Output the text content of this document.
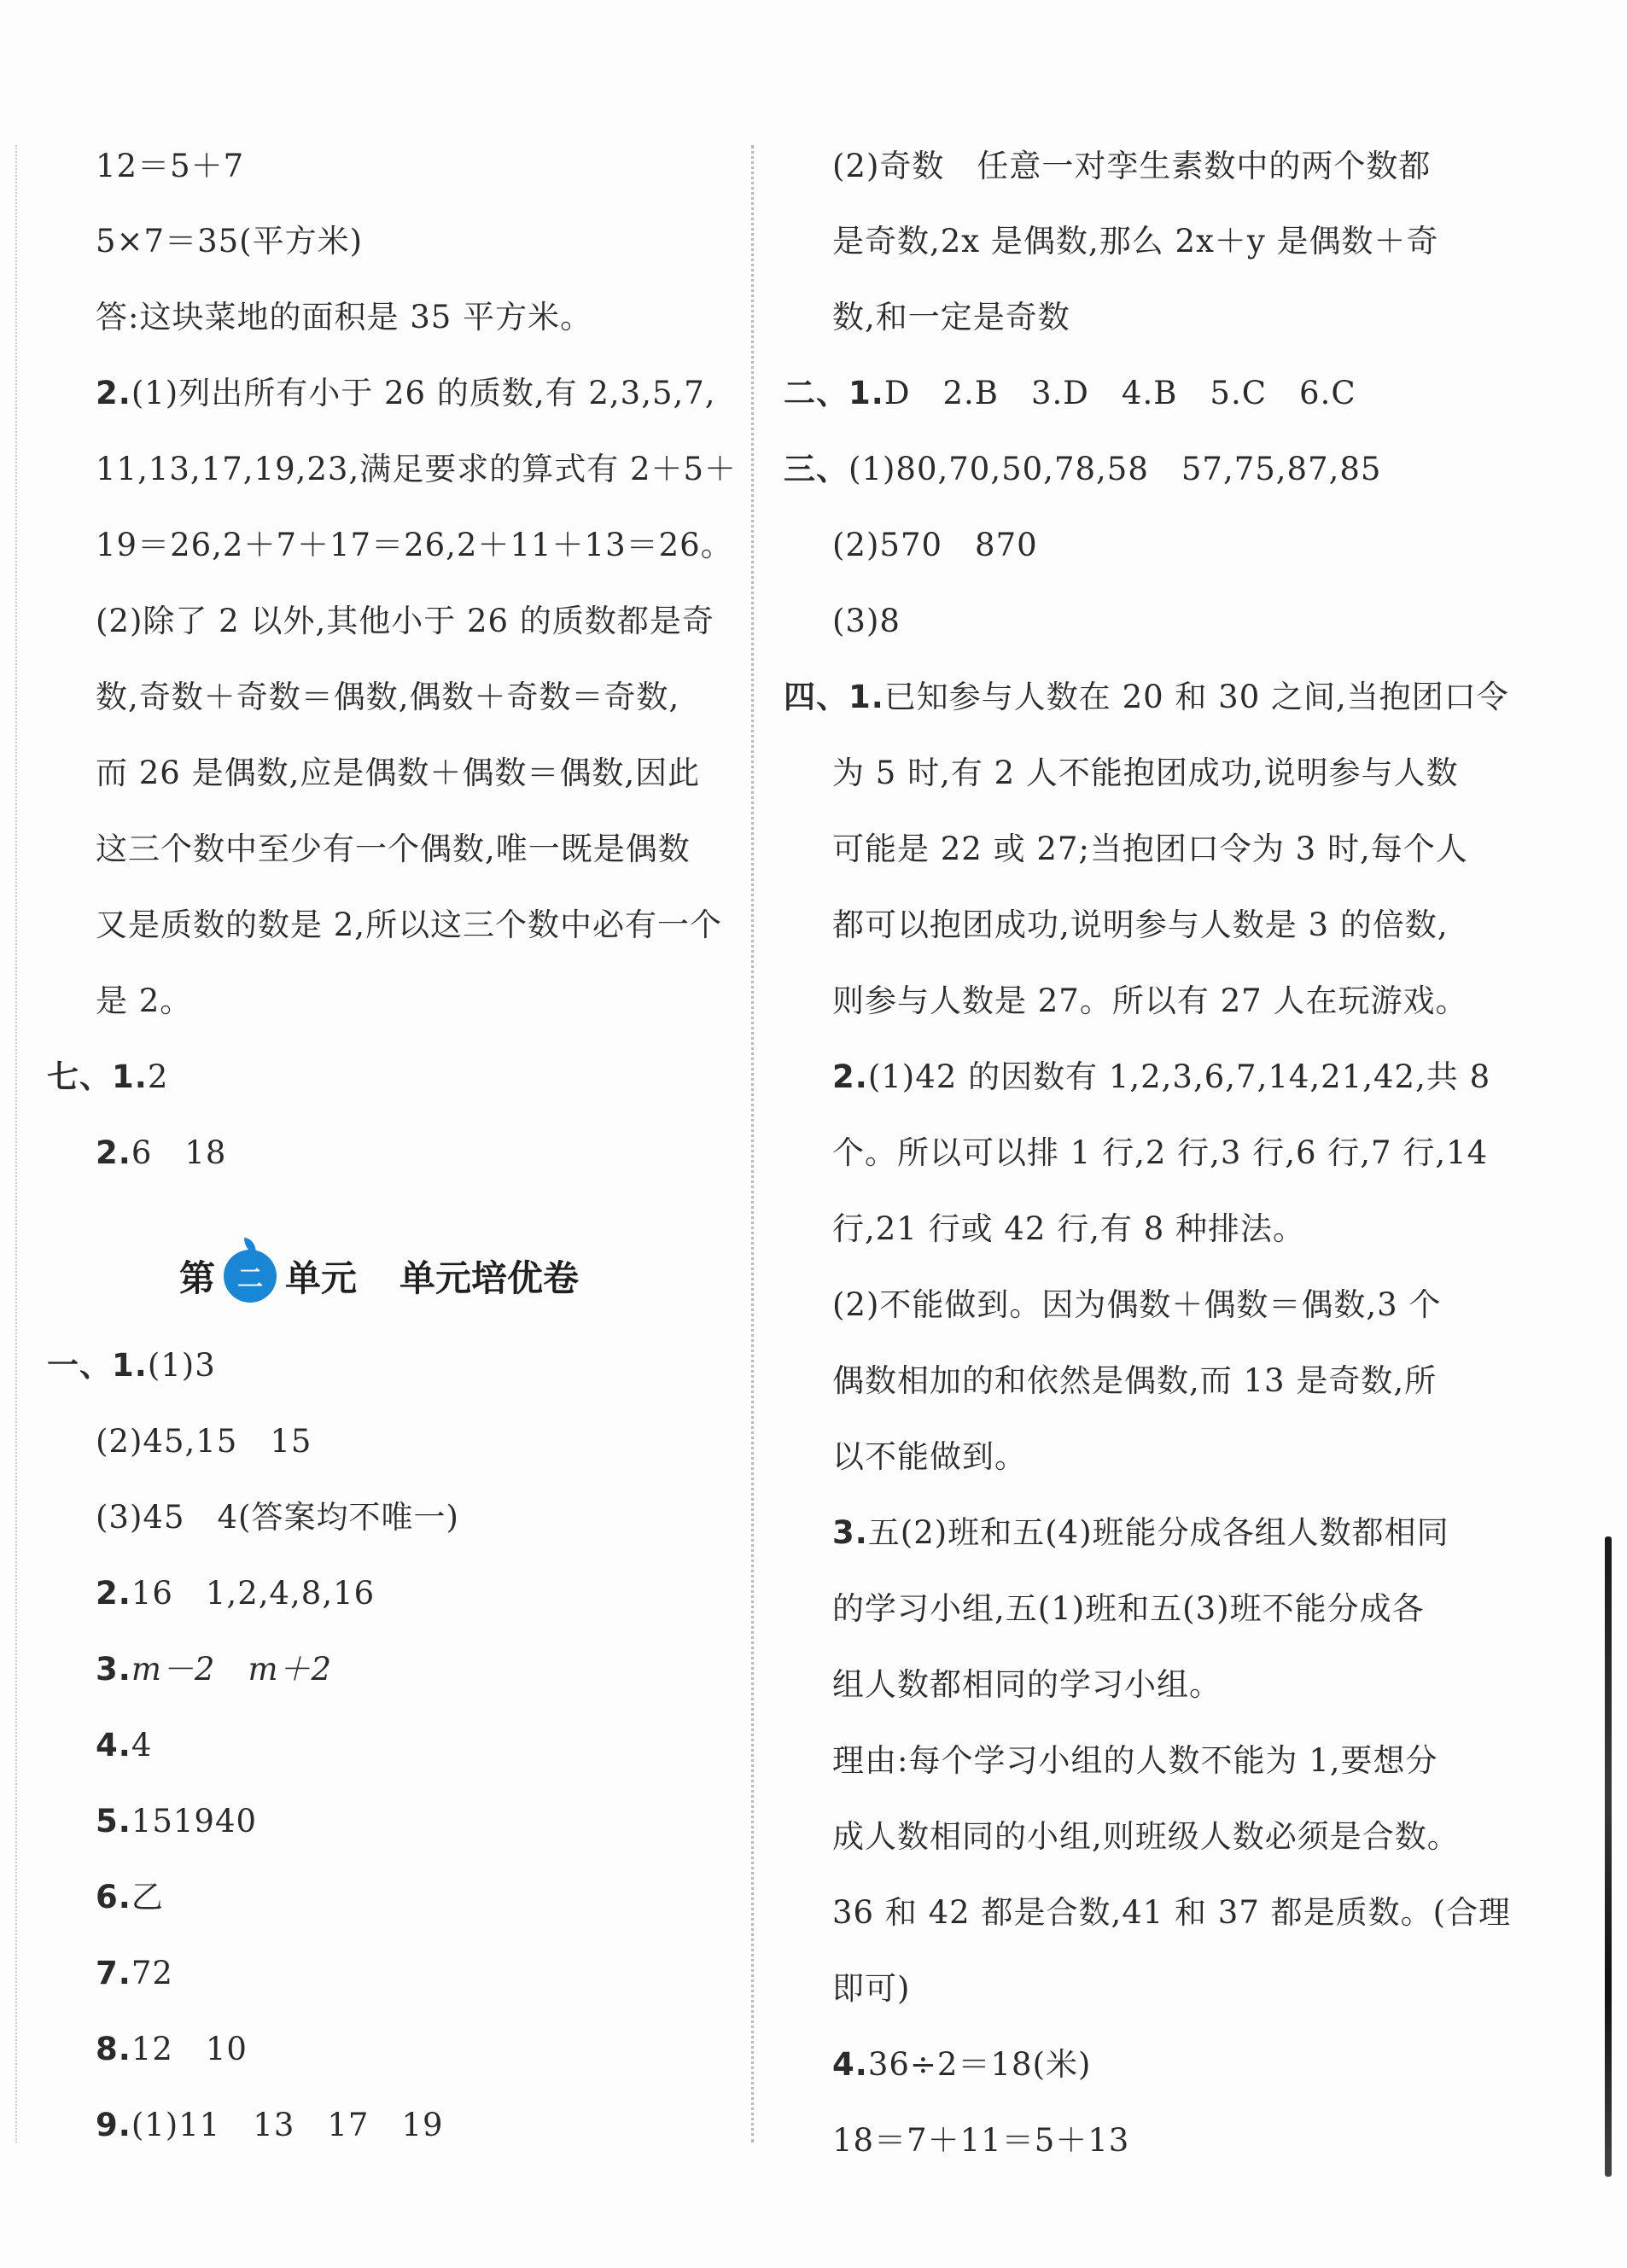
12＝5＋7
5×7＝35(平方米)
答:这块菜地的面积是 35 平方米。
2.(1)列出所有小于 26 的质数,有 2,3,5,7,
11,13,17,19,23,满足要求的算式有 2＋5＋
19＝26,2＋7＋17＝26,2＋11＋13＝26。
(2)除了 2 以外,其他小于 26 的质数都是奇
数,奇数＋奇数＝偶数,偶数＋奇数＝奇数,
而 26 是偶数,应是偶数＋偶数＝偶数,因此
这三个数中至少有一个偶数,唯一既是偶数
又是质数的数是 2,所以这三个数中必有一个
是 2。
七、1.2
2.6　18
第 二 单元 单元培优卷
一、1.(1)3
(2)45,15　15
(3)45　4(答案均不唯一)
2.16　1,2,4,8,16
3.m－2　m＋2
4.4
5.151940
6.乙
7.72
8.12　10
9.(1)11　13　17　19
(2)奇数　任意一对孪生素数中的两个数都
是奇数,2x 是偶数,那么 2x＋y 是偶数＋奇
数,和一定是奇数
二、1.D　2.B　3.D　4.B　5.C　6.C
三、(1)80,70,50,78,58　57,75,87,85
(2)570　870
(3)8
四、1.已知参与人数在 20 和 30 之间,当抱团口令
为 5 时,有 2 人不能抱团成功,说明参与人数
可能是 22 或 27;当抱团口令为 3 时,每个人
都可以抱团成功,说明参与人数是 3 的倍数,
则参与人数是 27。所以有 27 人在玩游戏。
2.(1)42 的因数有 1,2,3,6,7,14,21,42,共 8
个。所以可以排 1 行,2 行,3 行,6 行,7 行,14
行,21 行或 42 行,有 8 种排法。
(2)不能做到。因为偶数＋偶数＝偶数,3 个
偶数相加的和依然是偶数,而 13 是奇数,所
以不能做到。
3.五(2)班和五(4)班能分成各组人数都相同
的学习小组,五(1)班和五(3)班不能分成各
组人数都相同的学习小组。
理由:每个学习小组的人数不能为 1,要想分
成人数相同的小组,则班级人数必须是合数。
36 和 42 都是合数,41 和 37 都是质数。(合理
即可)
4.36÷2＝18(米)
18＝7＋11＝5＋13
